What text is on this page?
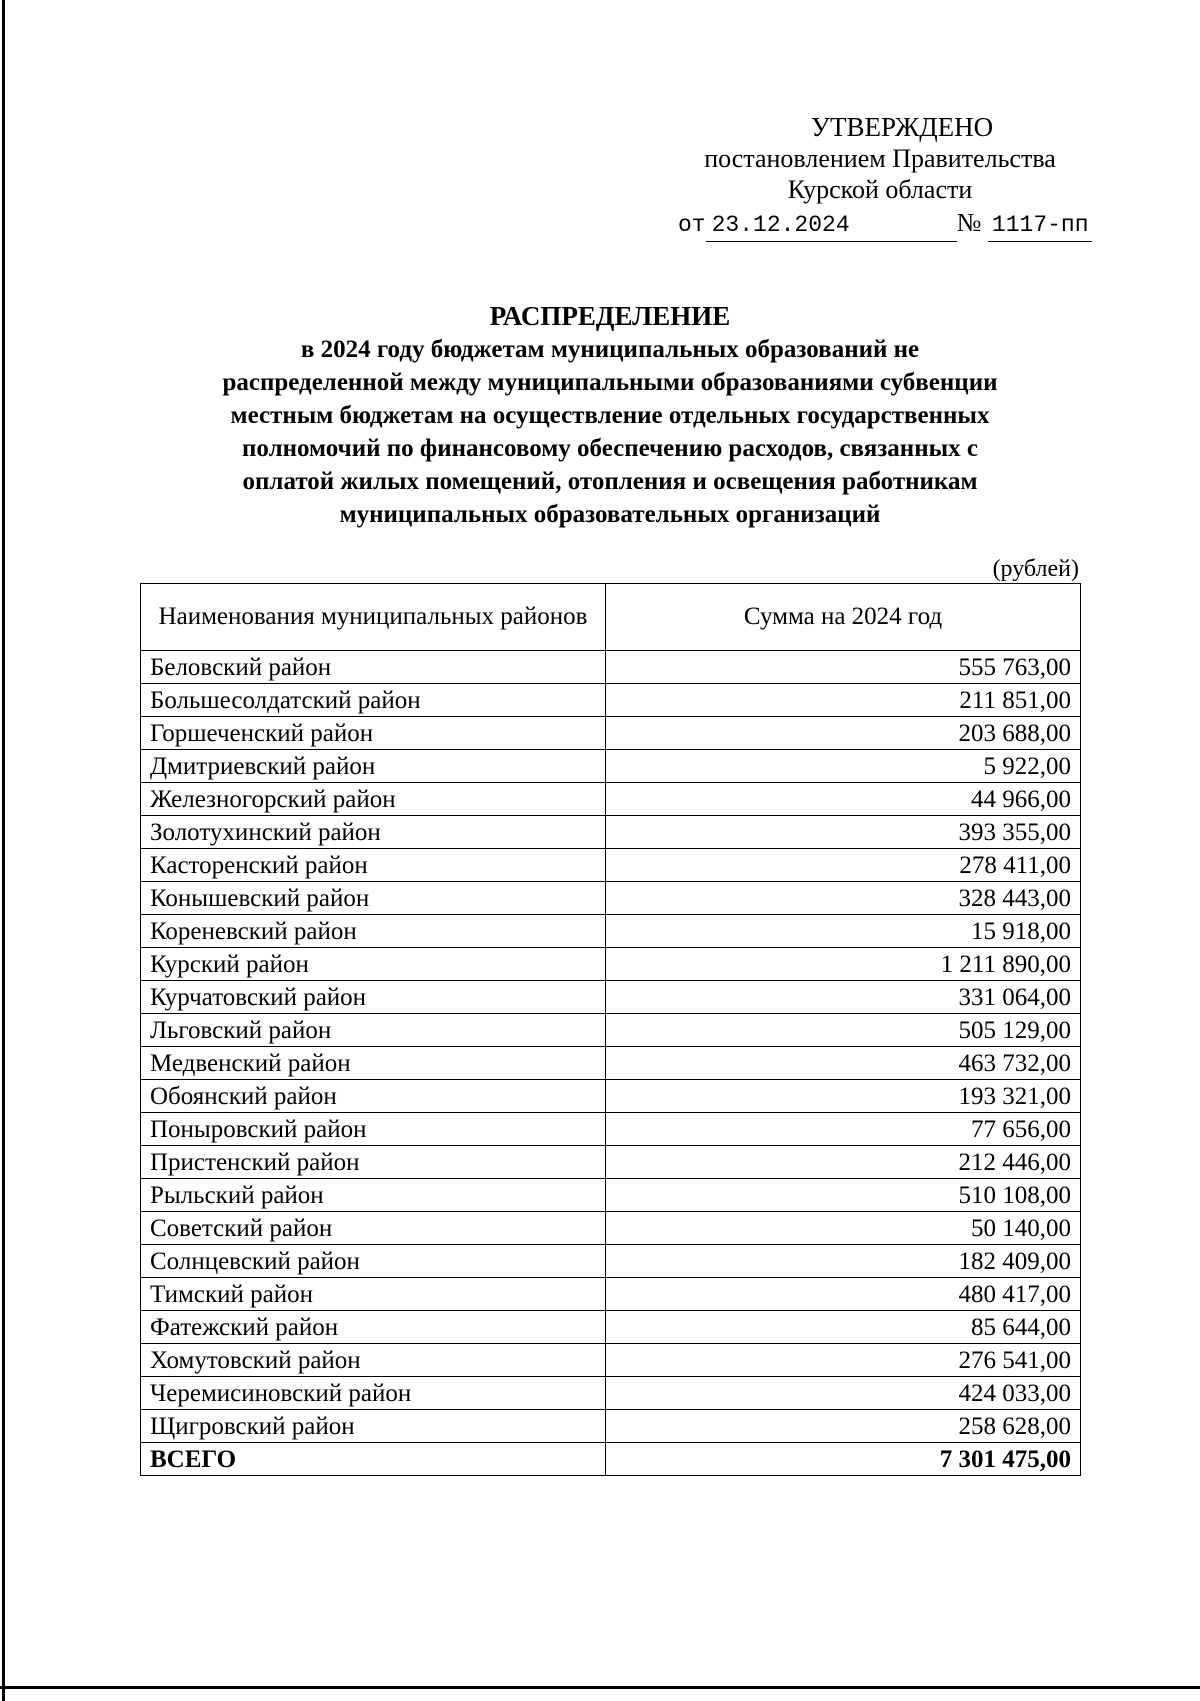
УТВЕРЖДЕНО
постановлением Правительства
Курской области
от 23.12.2024	№ 1117-пп
РАСПРЕДЕЛЕНИЕ
в 2024 году бюджетам муниципальных образований не
распределенной между муниципальными образованиями субвенции
местным бюджетам на осуществление отдельных государственных
полномочий по финансовому обеспечению расходов, связанных с
оплатой жилых помещений, отопления и освещения работникам
муниципальных образовательных организаций
(рублей)
Наименования муниципальных районов	Сумма на 2024 год
Беловский район	555 763,00
Большесолдатский район	211 851,00
Горшеченский район	203 688,00
Дмитриевский район	5 922,00
Железногорский район	44 966,00
Золотухинский район	393 355,00
Касторенский район	278 411,00
Конышевский район	328 443,00
Кореневский район	15 918,00
Курский район	1 211 890,00
Курчатовский район	331 064,00
Льговский район	505 129,00
Медвенский район	463 732,00
Обоянский район	193 321,00
Поныровский район	77 656,00
Пристенский район	212 446,00
Рыльский район	510 108,00
Советский район	50 140,00
Солнцевский район	182 409,00
Тимский район	480 417,00
Фатежский район	85 644,00
Хомутовский район	276 541,00
Черемисиновский район	424 033,00
Щигровский район	258 628,00
ВСЕГО	7 301 475,00
